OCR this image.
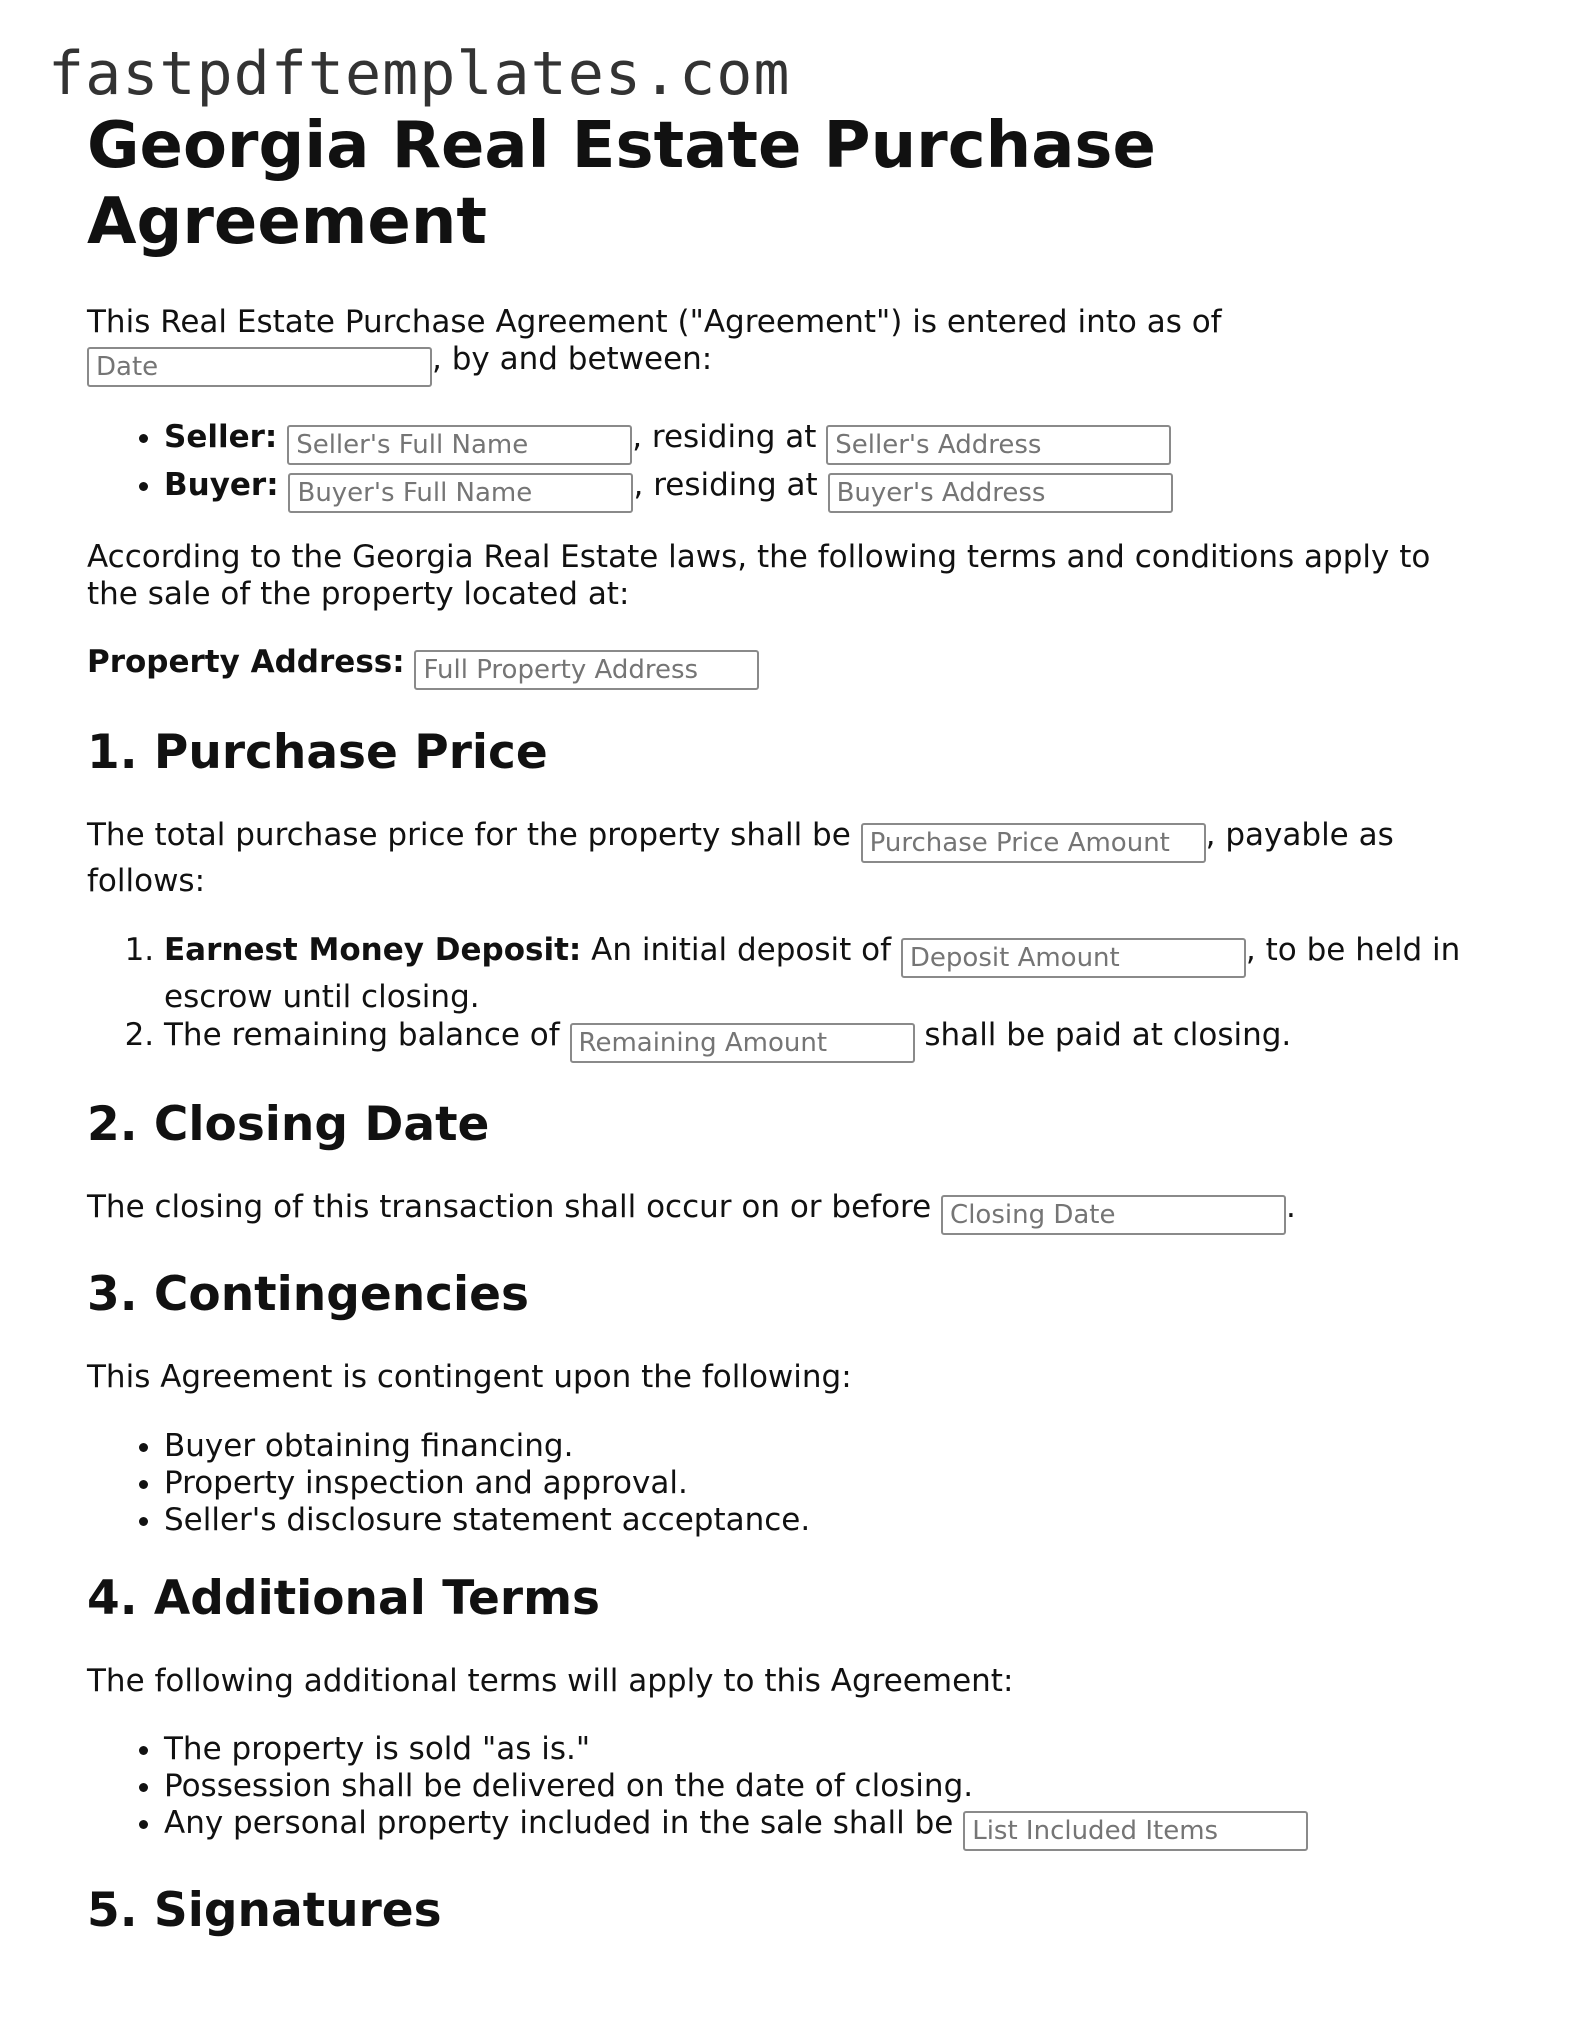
fastpdftemplates.com
Georgia Real Estate Purchase Agreement

This Real Estate Purchase Agreement ("Agreement") is entered into as of
Date, by and between:

• Seller: Seller's Full Name	, residing at Seller's Address
• Buyer: Buyer's Full Name	, residing at Buyer's Address

According to the Georgia Real Estate laws, the following terms and conditions apply to the sale of the property located at:

Property Address: Full Property Address

1. Purchase Price

The total purchase price for the property shall be Purchase Price Amount	, payable as follows:

1. Earnest Money Deposit: An initial deposit of Deposit Amount	, to be held in escrow until closing.
2. The remaining balance of Remaining Amount	shall be paid at closing.
2. Closing Date

The closing of this transaction shall occur on or before Closing Date	.

3. Contingencies

This Agreement is contingent upon the following:

• Buyer obtaining financing.
• Property inspection and approval.
• Seller's disclosure statement acceptance.
4. Additional Terms

The following additional terms will apply to this Agreement:

• The property is sold "as is."
• Possession shall be delivered on the date of closing.
• Any personal property included in the sale shall be List Included Items
5. Signatures
